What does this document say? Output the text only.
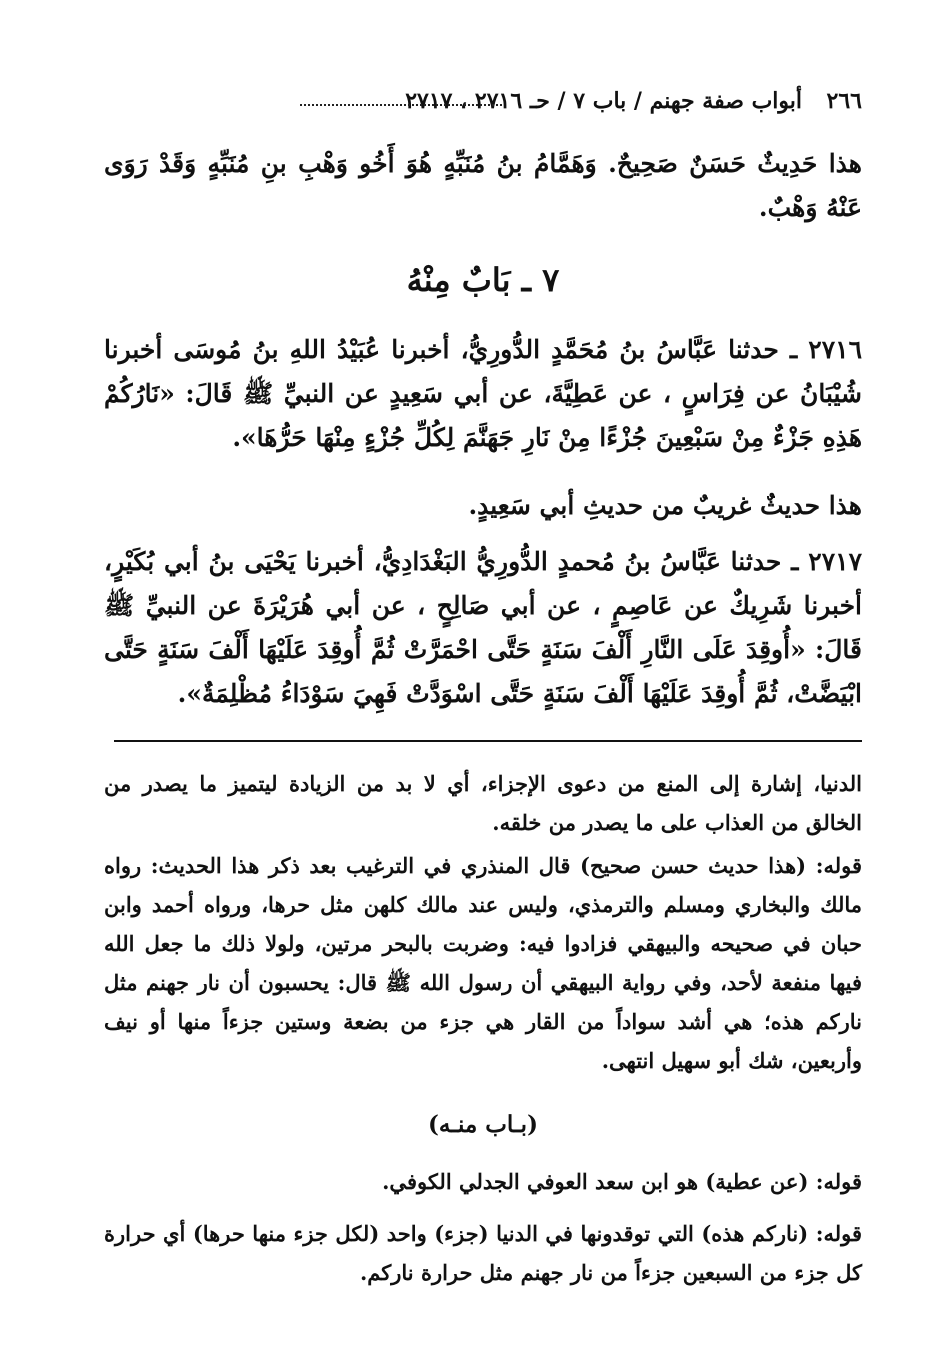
٢٦٦
أبواب صفة جهنم / باب ٧ / حـ ٢٧١٦ ، ٢٧١٧
هذا حَدِيثٌ حَسَنٌ صَحِيحٌ. وَهَمَّامُ بنُ مُنَبِّهٍ هُوَ أَخُو وَهْبِ بنِ مُنَبِّهٍ وَقَدْ رَوَى عَنْهُ وَهْبٌ.
٧ ـ بَابٌ مِنْهُ
٢٧١٦ ـ حدثنا عَبَّاسُ بنُ مُحَمَّدٍ الدُّورِيُّ، أخبرنا عُبَيْدُ اللهِ بنُ مُوسَى أخبرنا شُيْبَانُ عن فِرَاسٍ ، عن عَطِيَّةَ، عن أبي سَعِيدٍ عن النبيِّ ﷺ قَالَ: «نَارُكُمْ هَذِهِ جَزْءٌ مِنْ سَبْعِينَ جُزْءًا مِنْ نَارِ جَهَنَّمَ لِكُلِّ جُزْءٍ مِنْهَا حَرُّهَا».
هذا حديثٌ غريبٌ من حديثِ أبي سَعِيدٍ.
٢٧١٧ ـ حدثنا عَبَّاسُ بنُ مُحمدٍ الدُّورِيُّ البَغْدَادِيُّ، أخبرنا يَحْيَى بنُ أبي بُكَيْرٍ، أخبرنا شَرِيكٌ عن عَاصِمٍ ، عن أبي صَالِحٍ ، عن أبي هُرَيْرَةَ عن النبيِّ ﷺ قَالَ: «أُوقِدَ عَلَى النَّارِ أَلْفَ سَنَةٍ حَتَّى احْمَرَّتْ ثُمَّ أُوقِدَ عَلَيْهَا أَلْفَ سَنَةٍ حَتَّى ابْيَضَّتْ، ثُمَّ أُوقِدَ عَلَيْهَا أَلْفَ سَنَةٍ حَتَّى اسْوَدَّتْ فَهِيَ سَوْدَاءُ مُظْلِمَةٌ».
الدنيا، إشارة إلى المنع من دعوى الإجزاء، أي لا بد من الزيادة ليتميز ما يصدر من الخالق من العذاب على ما يصدر من خلقه.
قوله: (هذا حديث حسن صحيح) قال المنذري في الترغيب بعد ذكر هذا الحديث: رواه مالك والبخاري ومسلم والترمذي، وليس عند مالك كلهن مثل حرها، ورواه أحمد وابن حبان في صحيحه والبيهقي فزادوا فيه: وضربت بالبحر مرتين، ولولا ذلك ما جعل الله فيها منفعة لأحد، وفي رواية البيهقي أن رسول الله ﷺ قال: يحسبون أن نار جهنم مثل ناركم هذه؛ هي أشد سواداً من القار هي جزء من بضعة وستين جزءاً منها أو نيف وأربعين، شك أبو سهيل انتهى.
(بـاب منـه)
قوله: (عن عطية) هو ابن سعد العوفي الجدلي الكوفي.
قوله: (ناركم هذه) التي توقدونها في الدنيا (جزء) واحد (لكل جزء منها حرها) أي حرارة كل جزء من السبعين جزءاً من نار جهنم مثل حرارة ناركم.
